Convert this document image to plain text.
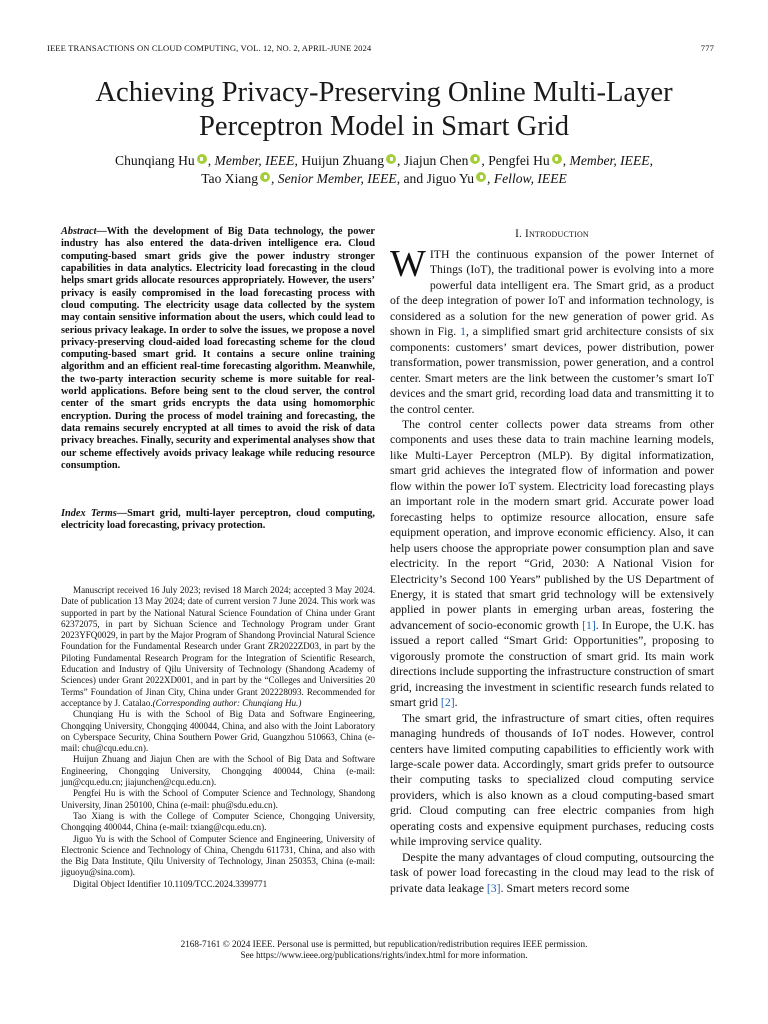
IEEE TRANSACTIONS ON CLOUD COMPUTING, VOL. 12, NO. 2, APRIL-JUNE 2024	777
Achieving Privacy-Preserving Online Multi-Layer
Perceptron Model in Smart Grid
Chunqiang Hu , Member, IEEE, Huijun Zhuang , Jiajun Chen , Pengfei Hu , Member, IEEE,
Tao Xiang , Senior Member, IEEE, and Jiguo Yu , Fellow, IEEE
Abstract—With the development of Big Data technology, the power industry has also entered the data-driven intelligence era. Cloud computing-based smart grids give the power industry stronger capabilities in data analytics. Electricity load forecasting in the cloud helps smart grids allocate resources appropriately. However, the users’ privacy is easily compromised in the load forecasting process with cloud computing. The electricity usage data collected by the system may contain sensitive information about the users, which could lead to serious privacy leakage. In order to solve the issues, we propose a novel privacy-preserving cloud-aided load forecasting scheme for the cloud computing-based smart grid. It contains a secure online training algorithm and an efficient real-time forecasting algorithm. Meanwhile, the two-party interaction security scheme is more suitable for real-world applications. Before being sent to the cloud server, the control center of the smart grids encrypts the data using homomorphic encryption. During the process of model training and forecasting, the data remains securely encrypted at all times to avoid the risk of data privacy breaches. Finally, security and experimental analyses show that our scheme effectively avoids privacy leakage while reducing resource consumption.
Index Terms—Smart grid, multi-layer perceptron, cloud computing, electricity load forecasting, privacy protection.

Manuscript received 16 July 2023; revised 18 March 2024; accepted 3 May 2024. Date of publication 13 May 2024; date of current version 7 June 2024. This work was supported in part by the National Natural Science Foundation of China under Grant 62372075, in part by Sichuan Science and Technology Program under Grant 2023YFQ0029, in part by the Major Program of Shandong Provincial Natural Science Foundation for the Fundamental Research under Grant ZR2022ZD03, in part by the Piloting Fundamental Research Program for the Integration of Scientific Research, Education and Industry of Qilu University of Technology (Shandong Academy of Sciences) under Grant 2022XD001, and in part by the “Colleges and Universities 20 Terms” Foundation of Jinan City, China under Grant 202228093. Recommended for acceptance by J. Catalao.(Corresponding author: Chunqiang Hu.)

Chunqiang Hu is with the School of Big Data and Software Engineering, Chongqing University, Chongqing 400044, China, and also with the Joint Laboratory on Cyberspace Security, China Southern Power Grid, Guangzhou 510663, China (e-mail: chu@cqu.edu.cn).

Huijun Zhuang and Jiajun Chen are with the School of Big Data and Software Engineering, Chongqing University, Chongqing 400044, China (e-mail: jun@cqu.edu.cn; jiajunchen@cqu.edu.cn).

Pengfei Hu is with the School of Computer Science and Technology, Shandong University, Jinan 250100, China (e-mail: phu@sdu.edu.cn).

Tao Xiang is with the College of Computer Science, Chongqing University, Chongqing 400044, China (e-mail: txiang@cqu.edu.cn).

Jiguo Yu is with the School of Computer Science and Engineering, University of Electronic Science and Technology of China, Chengdu 611731, China, and also with the Big Data Institute, Qilu University of Technology, Jinan 250353, China (e-mail: jiguoyu@sina.com).

Digital Object Identifier 10.1109/TCC.2024.3399771

I. Introduction

WITH the continuous expansion of the power Internet of Things (IoT), the traditional power is evolving into a more powerful data intelligent era. The Smart grid, as a product of the deep integration of power IoT and information technology, is considered as a solution for the new generation of power grid. As shown in Fig. 1, a simplified smart grid architecture consists of six components: customers’ smart devices, power distribution, power transformation, power transmission, power generation, and a control center. Smart meters are the link between the customer’s smart IoT devices and the smart grid, recording load data and transmitting it to the control center.

The control center collects power data streams from other components and uses these data to train machine learning models, like Multi-Layer Perceptron (MLP). By digital informatization, smart grid achieves the integrated flow of information and power flow within the power IoT system. Electricity load forecasting plays an important role in the modern smart grid. Accurate power load forecasting helps to optimize resource allocation, ensure safe equipment operation, and improve economic efficiency. Also, it can help users choose the appropriate power consumption plan and save electricity. In the report “Grid, 2030: A National Vision for Electricity’s Second 100 Years” published by the US Department of Energy, it is stated that smart grid technology will be extensively applied in power plants in emerging urban areas, fostering the advancement of socio-economic growth [1]. In Europe, the U.K. has issued a report called “Smart Grid: Opportunities”, proposing to vigorously promote the construction of smart grid. Its main work directions include supporting the infrastructure construction of smart grid, increasing the investment in scientific research funds related to smart grid [2].

The smart grid, the infrastructure of smart cities, often requires managing hundreds of thousands of IoT nodes. However, control centers have limited computing capabilities to efficiently work with large-scale power data. Accordingly, smart grids prefer to outsource their computing tasks to specialized cloud computing service providers, which is also known as a cloud computing-based smart grid. Cloud computing can free electric companies from high operating costs and expensive equipment purchases, reducing costs while improving service quality.

Despite the many advantages of cloud computing, outsourcing the task of power load forecasting in the cloud may lead to the risk of private data leakage [3]. Smart meters record some

2168-7161 © 2024 IEEE. Personal use is permitted, but republication/redistribution requires IEEE permission.
See https://www.ieee.org/publications/rights/index.html for more information.
